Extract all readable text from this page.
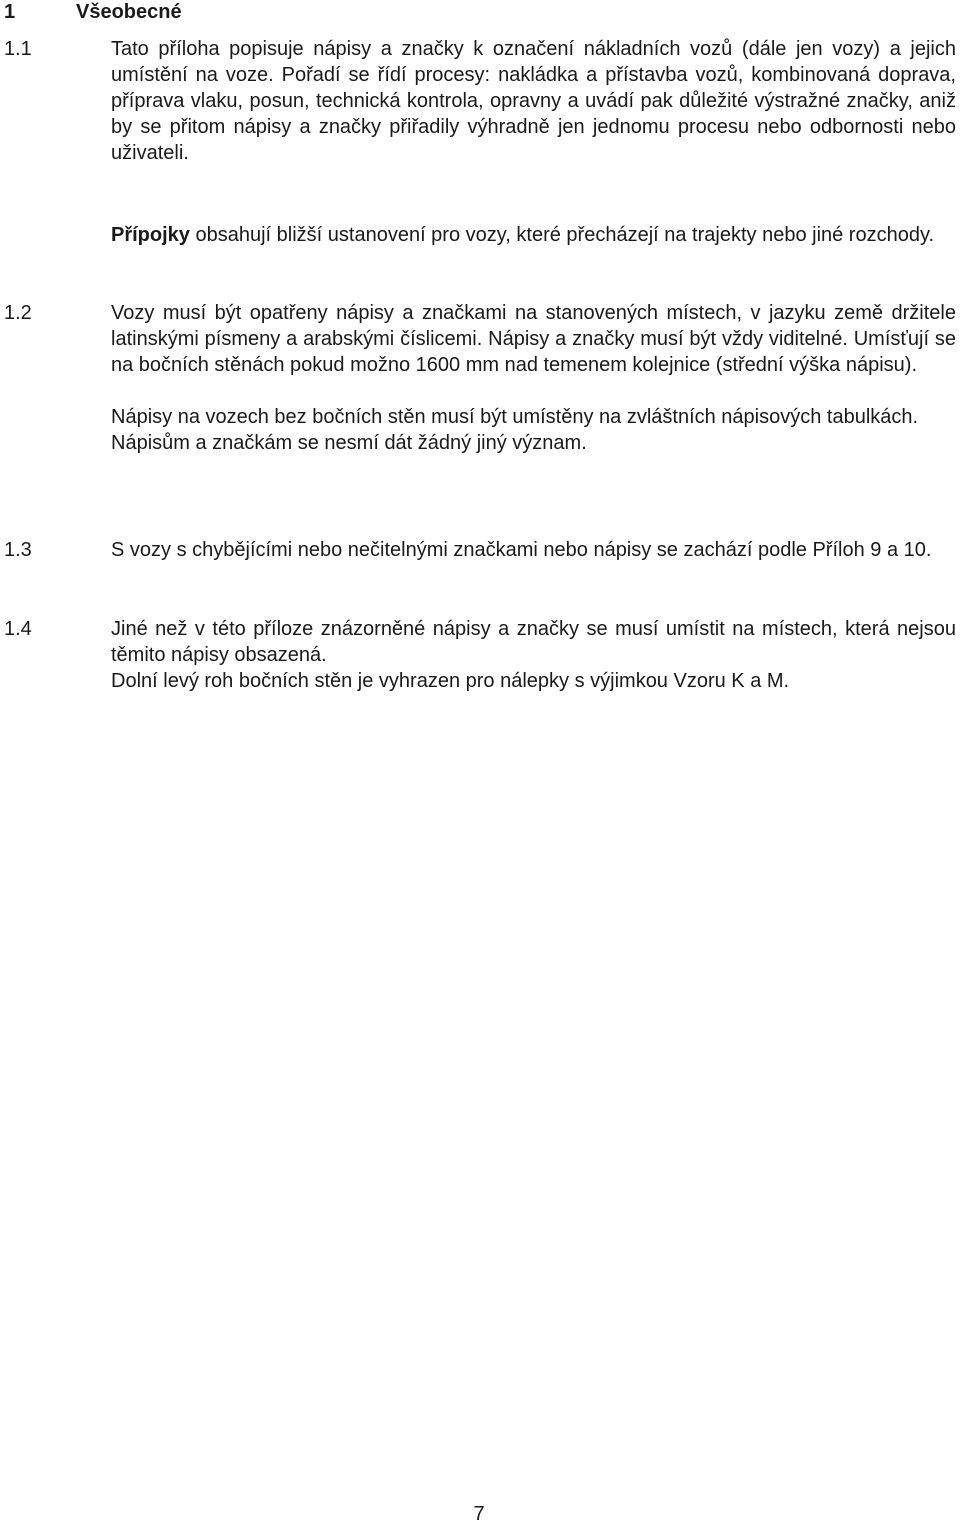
1	Všeobecné
1.1	Tato příloha popisuje nápisy a značky k označení nákladních vozů (dále jen vozy) a jejich umístění na voze. Pořadí se řídí procesy: nakládka a přístavba vozů, kombinovaná doprava, příprava vlaku, posun, technická kontrola, opravny a uvádí pak důležité výstražné značky, aniž by se přitom nápisy a značky přiřadily výhradně jen jednomu procesu nebo odbornosti nebo uživateli.

Přípojky obsahují bližší ustanovení pro vozy, které přecházejí na trajekty nebo jiné rozchody.

1.2	Vozy musí být opatřeny nápisy a značkami na stanovených místech, v jazyku země držitele latinskými písmeny a arabskými číslicemi. Nápisy a značky musí být vždy viditelné. Umísťují se na bočních stěnách pokud možno 1600 mm nad temenem kolejnice (střední výška nápisu).

Nápisy na vozech bez bočních stěn musí být umístěny na zvláštních nápisových tabulkách.

Nápisům a značkám se nesmí dát žádný jiný význam.

1.3	S vozy s chybějícími nebo nečitelnými značkami nebo nápisy se zachází podle Příloh 9 a 10.

1.4	Jiné než v této příloze znázorněné nápisy a značky se musí umístit na místech, která nejsou těmito nápisy obsazená.

Dolní levý roh bočních stěn je vyhrazen pro nálepky s výjimkou Vzoru K a M.

7
